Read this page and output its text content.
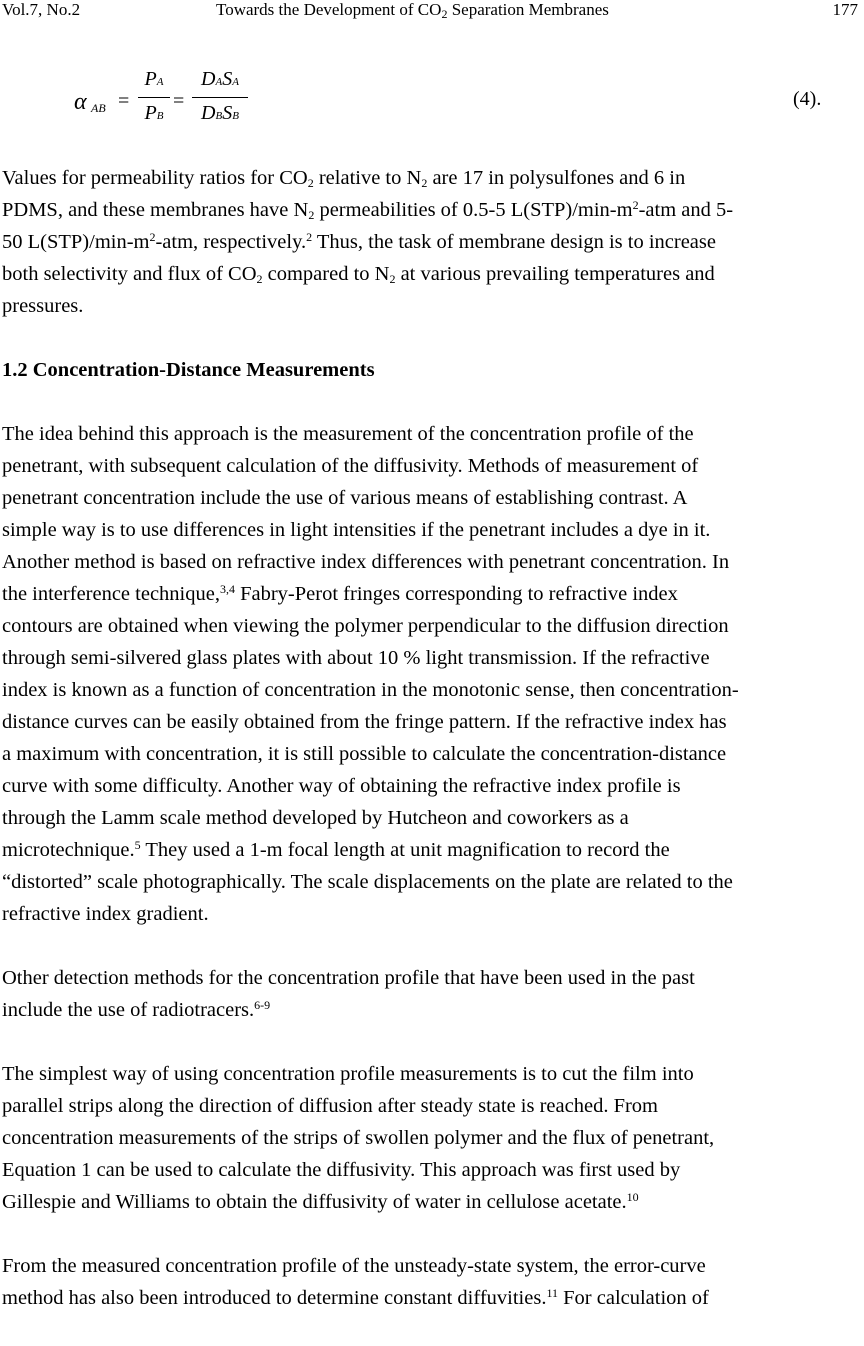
Vol.7, No.2	Towards the Development of $CO_2$ Separation Membranes	177
α AB =
PA
PB
=
DASA
DBSB
(4).

Values for permeability ratios for $CO_2$ relative to $N_2$ are 17 in polysulfones and 6 in
PDMS, and these membranes have $N_2$ permeabilities of 0.5-5 $L(STP)/\min-m^2$-atm and 5-
50 $L(STP)/\min-m^2$-atm, respectively.$^2$ Thus, the task of membrane design is to increase
both selectivity and flux of $CO_2$ compared to $N_2$ at various prevailing temperatures and
pressures.

1.2 Concentration-Distance Measurements

The idea behind this approach is the measurement of the concentration profile of the
penetrant, with subsequent calculation of the diffusivity. Methods of measurement of
penetrant concentration include the use of various means of establishing contrast. A
simple way is to use differences in light intensities if the penetrant includes a dye in it.
Another method is based on refractive index differences with penetrant concentration. In
the interference technique,$^{3,4}$ Fabry-Perot fringes corresponding to refractive index
contours are obtained when viewing the polymer perpendicular to the diffusion direction
through semi-silvered glass plates with about 10 % light transmission. If the refractive
index is known as a function of concentration in the monotonic sense, then concentration-
distance curves can be easily obtained from the fringe pattern. If the refractive index has
a maximum with concentration, it is still possible to calculate the concentration-distance
curve with some difficulty. Another way of obtaining the refractive index profile is
through the Lamm scale method developed by Hutcheon and coworkers as a
microtechnique.$^5$ They used a 1-m focal length at unit magnification to record the
“distorted” scale photographically. The scale displacements on the plate are related to the
refractive index gradient.

Other detection methods for the concentration profile that have been used in the past
include the use of radiotracers.$^{6-9}$

The simplest way of using concentration profile measurements is to cut the film into
parallel strips along the direction of diffusion after steady state is reached. From
concentration measurements of the strips of swollen polymer and the flux of penetrant,
Equation 1 can be used to calculate the diffusivity. This approach was first used by
Gillespie and Williams to obtain the diffusivity of water in cellulose acetate.$^{10}$

From the measured concentration profile of the unsteady-state system, the error-curve
method has also been introduced to determine constant diffuvities.$^{11}$ For calculation of
